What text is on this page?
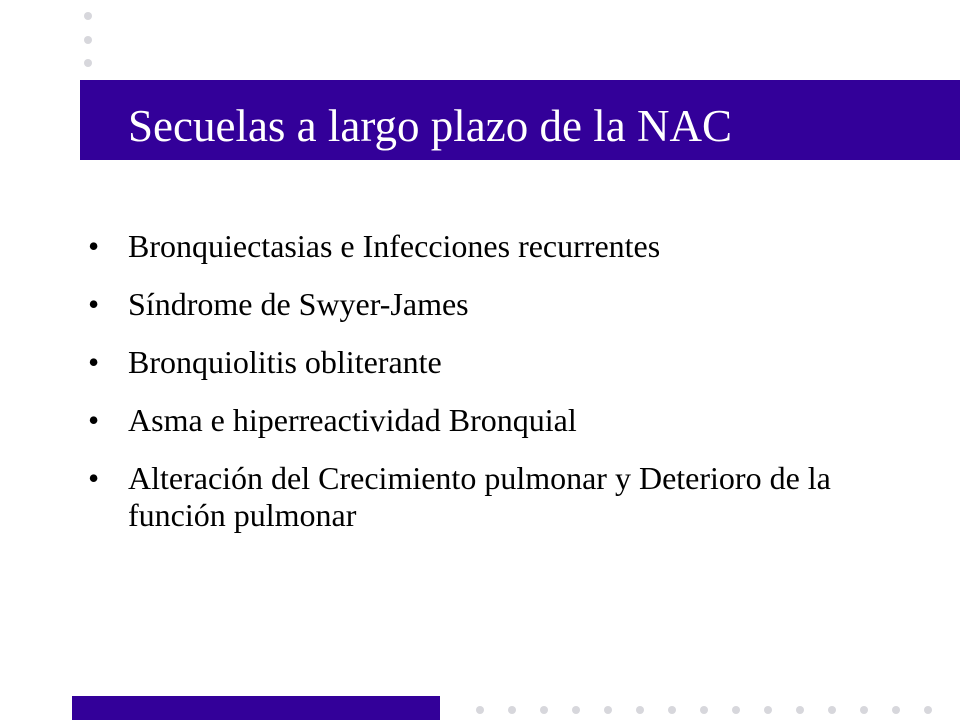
Secuelas a largo plazo de la NAC
• Bronquiectasias e Infecciones recurrentes
• Síndrome de Swyer-James
• Bronquiolitis obliterante
• Asma e hiperreactividad Bronquial
• Alteración del Crecimiento pulmonar y Deterioro de la función pulmonar
